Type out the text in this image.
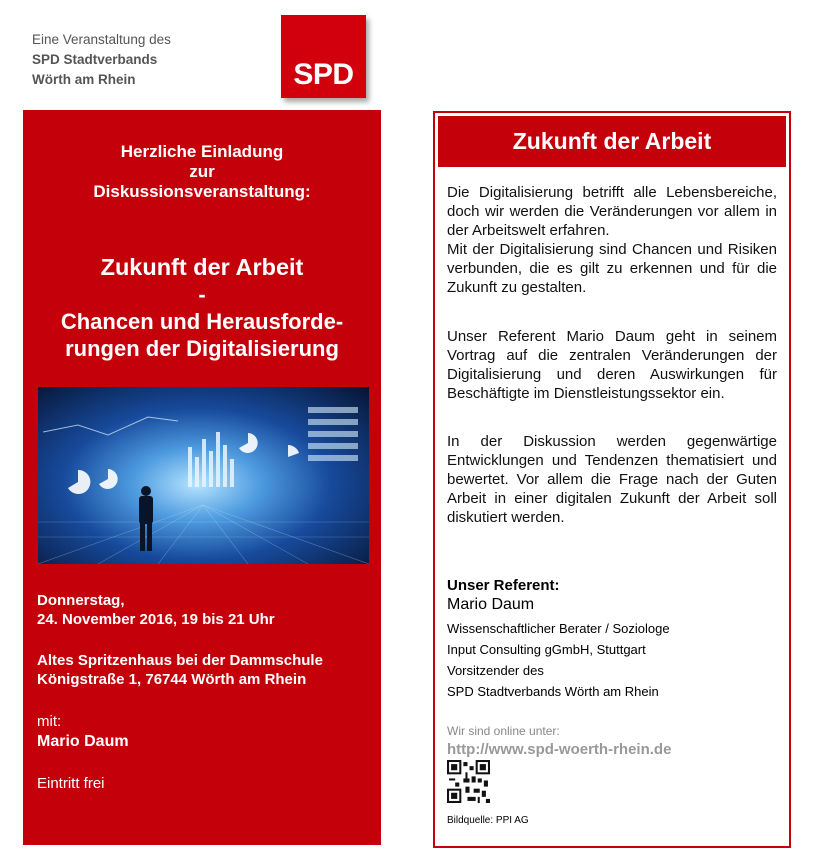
Eine Veranstaltung des
SPD Stadtverbands
Wörth am Rhein	SPD
Herzliche Einladung
zur
Diskussionsveranstaltung:
Zukunft der Arbeit
-
Chancen und Herausforde-
rungen der Digitalisierung
Donnerstag,
24. November 2016, 19 bis 21 Uhr
Altes Spritzenhaus bei der Dammschule
Königstraße 1, 76744 Wörth am Rhein
mit:
Mario Daum
Eintritt frei
Zukunft der Arbeit
Die Digitalisierung betrifft alle Lebensbereiche, doch wir werden die Veränderungen vor allem in der Arbeitswelt erfahren.
Mit der Digitalisierung sind Chancen und Risiken verbunden, die es gilt zu erkennen und für die Zukunft zu gestalten.
Unser Referent Mario Daum geht in seinem Vortrag auf die zentralen Veränderungen der Digitalisierung und deren Auswirkungen für Beschäftigte im Dienstleistungssektor ein.
In der Diskussion werden gegenwärtige Entwicklungen und Tendenzen thematisiert und bewertet. Vor allem die Frage nach der Guten Arbeit in einer digitalen Zukunft der Arbeit soll diskutiert werden.
Unser Referent:
Mario Daum
Wissenschaftlicher Berater / Soziologe
Input Consulting gGmbH, Stuttgart
Vorsitzender des
SPD Stadtverbands Wörth am Rhein
Wir sind online unter:
http://www.spd-woerth-rhein.de
Bildquelle: PPI AG
